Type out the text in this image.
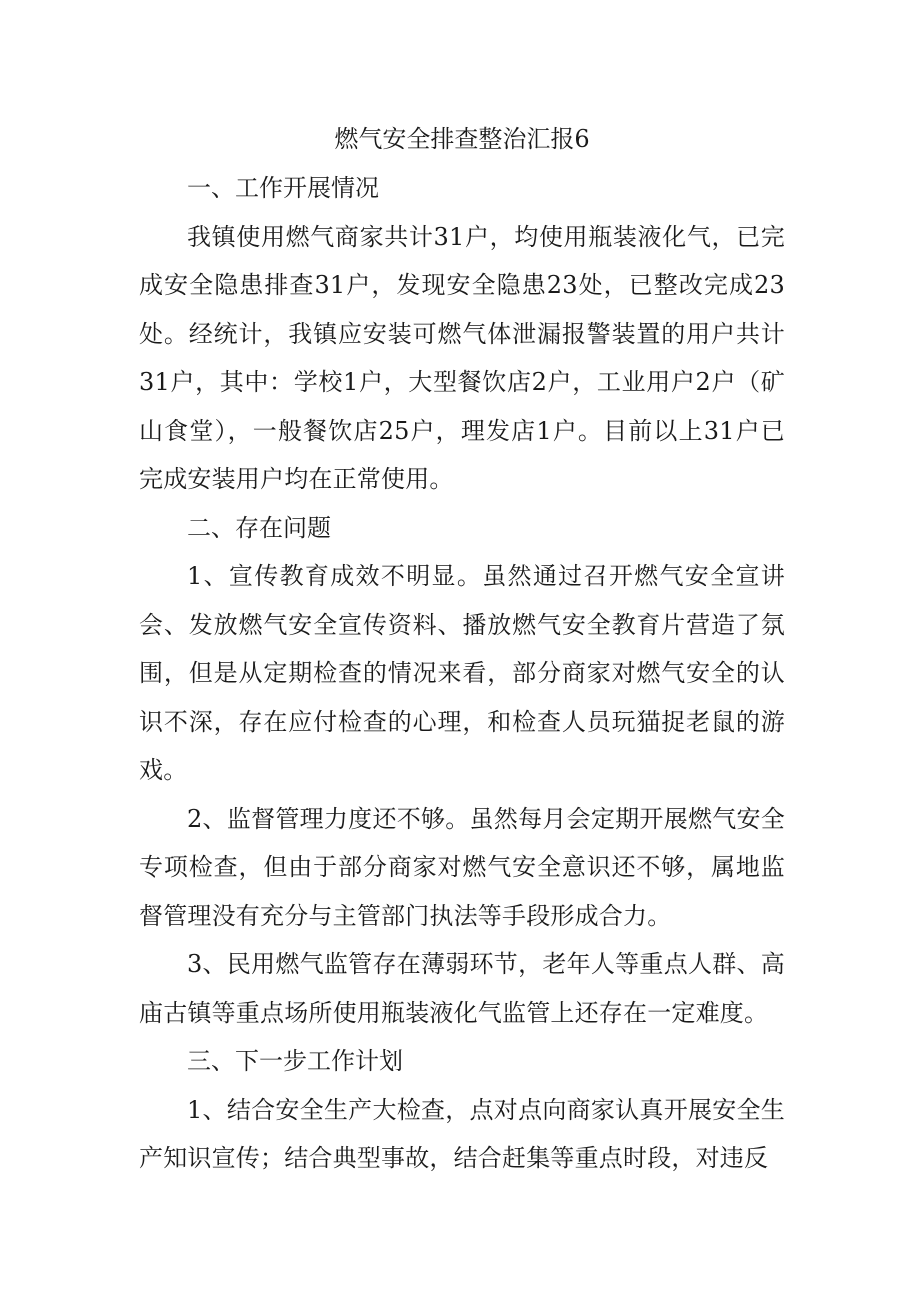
燃气安全排查整治汇报6
一、工作开展情况

我镇使用燃气商家共计31户，均使用瓶装液化气，已完成安全隐患排查31户，发现安全隐患23处，已整改完成23处。经统计，我镇应安装可燃气体泄漏报警装置的用户共计31户，其中：学校1户，大型餐饮店2户，工业用户2户（矿山食堂），一般餐饮店25户，理发店1户。目前以上31户已完成安装用户均在正常使用。

二、存在问题

1、宣传教育成效不明显。虽然通过召开燃气安全宣讲会、发放燃气安全宣传资料、播放燃气安全教育片营造了氛围，但是从定期检查的情况来看，部分商家对燃气安全的认识不深，存在应付检查的心理，和检查人员玩猫捉老鼠的游戏。

2、监督管理力度还不够。虽然每月会定期开展燃气安全专项检查，但由于部分商家对燃气安全意识还不够，属地监督管理没有充分与主管部门执法等手段形成合力。

3、民用燃气监管存在薄弱环节，老年人等重点人群、高庙古镇等重点场所使用瓶装液化气监管上还存在一定难度。

三、下一步工作计划

1、结合安全生产大检查，点对点向商家认真开展安全生产知识宣传；结合典型事故，结合赶集等重点时段，对违反
